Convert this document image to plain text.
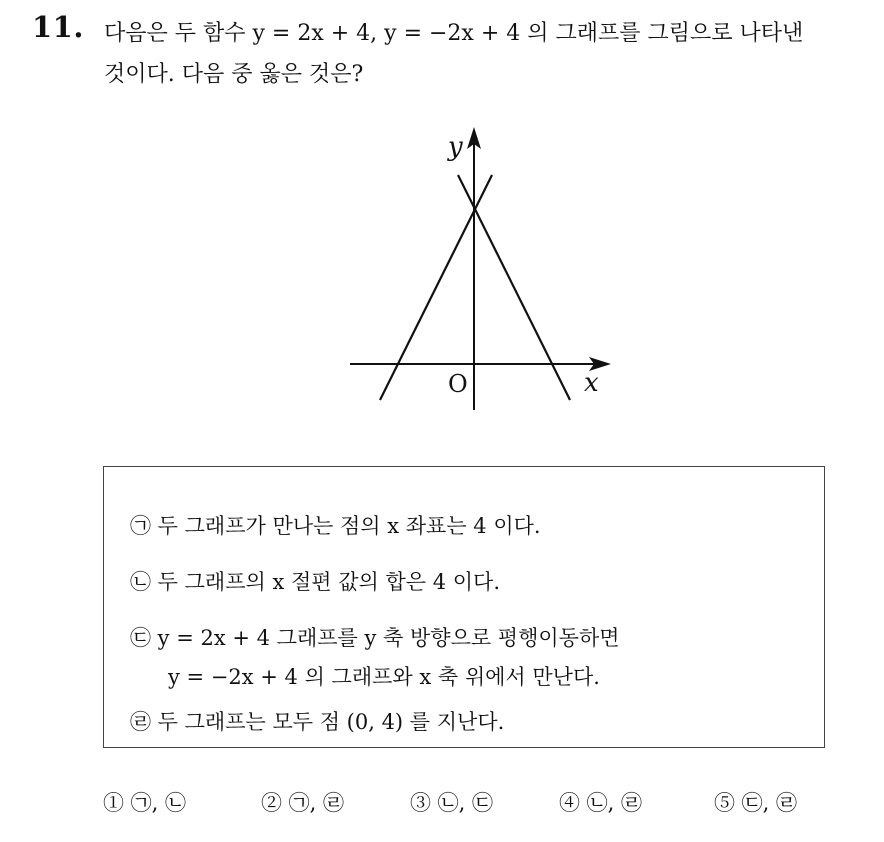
11. 다음은 두 함수 y = 2x + 4, y = −2x + 4 의 그래프를 그림으로 나타낸
것이다. 다음 중 옳은 것은?
y
x
O
㉠ 두 그래프가 만나는 점의 x 좌표는 4 이다.
㉡ 두 그래프의 x 절편 값의 합은 4 이다.
㉢ y = 2x + 4 그래프를 y 축 방향으로 평행이동하면
y = −2x + 4 의 그래프와 x 축 위에서 만난다.
㉣ 두 그래프는 모두 점 (0, 4) 를 지난다.
① ㉠, ㉡	② ㉠, ㉣	③ ㉡, ㉢	④ ㉡, ㉣	⑤ ㉢, ㉣
